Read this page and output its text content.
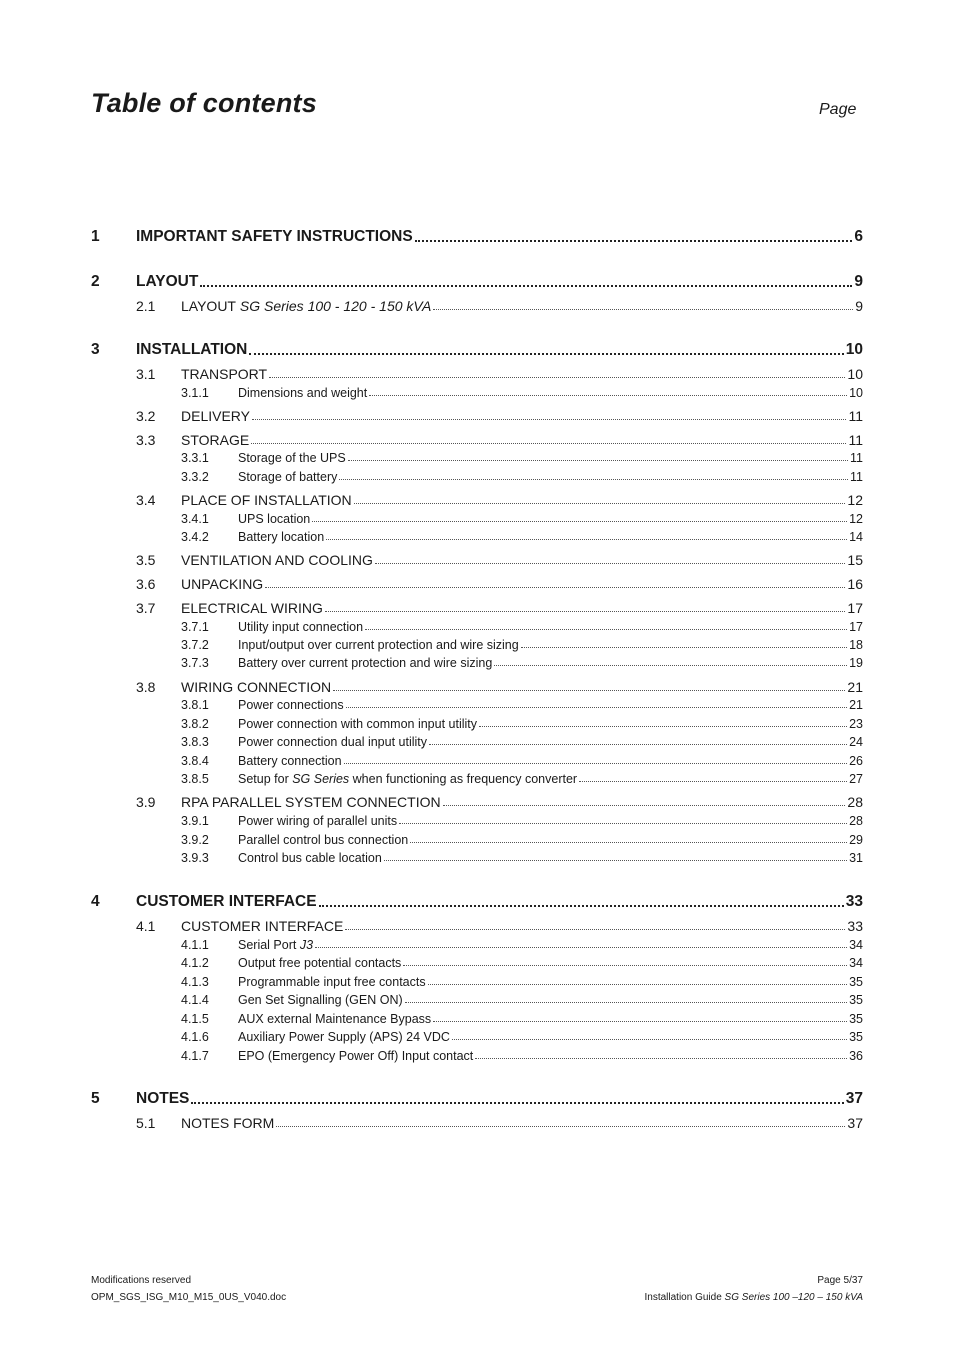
Table of contents	Page
1 IMPORTANT SAFETY INSTRUCTIONS	6
2 LAYOUT	9
2.1 LAYOUT SG Series 100 - 120 - 150 kVA	9
3 INSTALLATION	10
3.1 TRANSPORT	10
3.1.1 Dimensions and weight	10
3.2 DELIVERY	11
3.3 STORAGE	11
3.3.1 Storage of the UPS	11
3.3.2 Storage of battery	11
3.4 PLACE OF INSTALLATION	12
3.4.1 UPS location	12
3.4.2 Battery location	14
3.5 VENTILATION AND COOLING	15
3.6 UNPACKING	16
3.7 ELECTRICAL WIRING	17
3.7.1 Utility input connection	17
3.7.2 Input/output over current protection and wire sizing	18
3.7.3 Battery over current protection and wire sizing	19
3.8 WIRING CONNECTION	21
3.8.1 Power connections	21
3.8.2 Power connection with common input utility	23
3.8.3 Power connection dual input utility	24
3.8.4 Battery connection	26
3.8.5 Setup for SG Series when functioning as frequency converter	27
3.9 RPA PARALLEL SYSTEM CONNECTION	28
3.9.1 Power wiring of parallel units	28
3.9.2 Parallel control bus connection	29
3.9.3 Control bus cable location	31
4 CUSTOMER INTERFACE	33
4.1 CUSTOMER INTERFACE	33
4.1.1 Serial Port J3	34
4.1.2 Output free potential contacts	34
4.1.3 Programmable input free contacts	35
4.1.4 Gen Set Signalling (GEN ON)	35
4.1.5 AUX external Maintenance Bypass	35
4.1.6 Auxiliary Power Supply (APS) 24 VDC	35
4.1.7 EPO (Emergency Power Off) Input contact	36
5 NOTES	37
5.1 NOTES FORM	37
Modifications reserved
OPM_SGS_ISG_M10_M15_0US_V040.doc
Page 5/37
Installation Guide SG Series 100 –120 – 150 kVA
